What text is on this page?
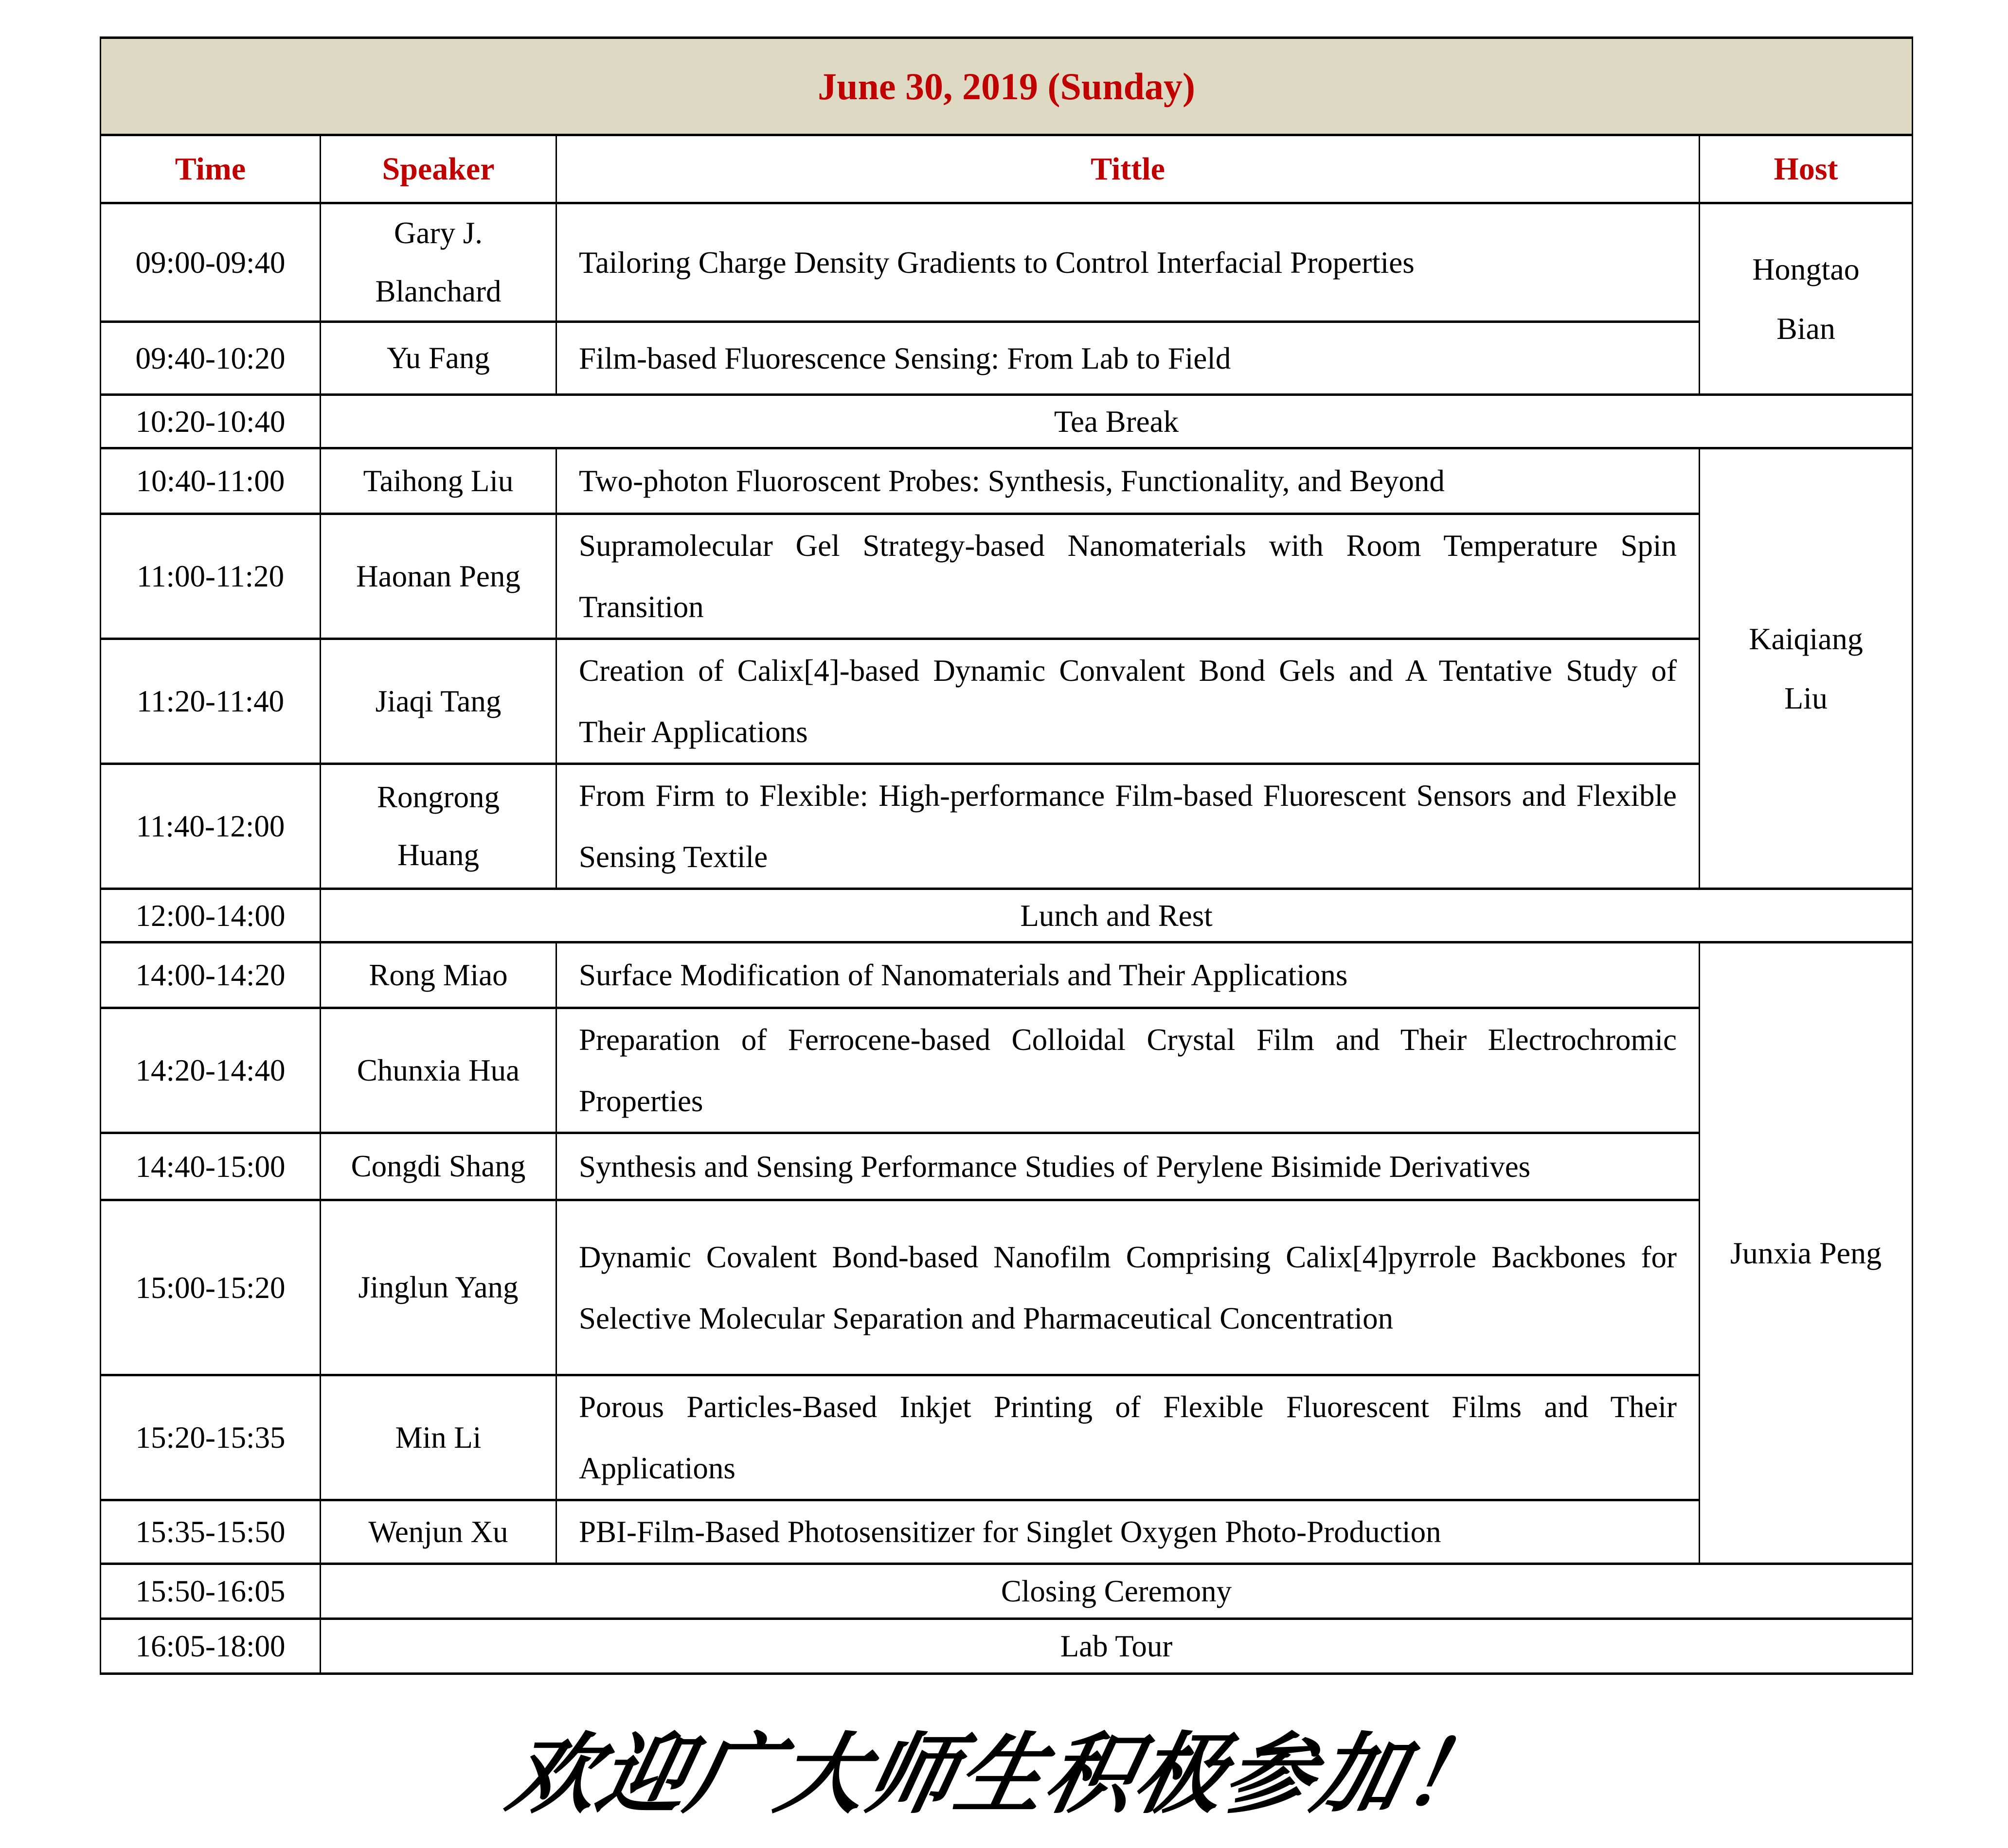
June 30, 2019 (Sunday)			
Time	Speaker	Tittle	Host
09:00-09:40	Gary J. Blanchard	Tailoring Charge Density Gradients to Control Interfacial Properties	Hongtao Bian
09:40-10:20	Yu Fang	Film-based Fluorescence Sensing: From Lab to Field	
10:20-10:40	Tea Break		
10:40-11:00	Taihong Liu	Two-photon Fluoroscent Probes: Synthesis, Functionality, and Beyond	Kaiqiang Liu
11:00-11:20	Haonan Peng	Supramolecular Gel Strategy-based Nanomaterials with Room Temperature Spin Transition	
11:20-11:40	Jiaqi Tang	Creation of Calix[4]-based Dynamic Convalent Bond Gels and A Tentative Study of Their Applications	
11:40-12:00	Rongrong Huang	From Firm to Flexible: High-performance Film-based Fluorescent Sensors and Flexible Sensing Textile	
12:00-14:00	Lunch and Rest		
14:00-14:20	Rong Miao	Surface Modification of Nanomaterials and Their Applications	Junxia Peng
14:20-14:40	Chunxia Hua	Preparation of Ferrocene-based Colloidal Crystal Film and Their Electrochromic Properties	
14:40-15:00	Congdi Shang	Synthesis and Sensing Performance Studies of Perylene Bisimide Derivatives	
15:00-15:20	Jinglun Yang	Dynamic Covalent Bond-based Nanofilm Comprising Calix[4]pyrrole Backbones for Selective Molecular Separation and Pharmaceutical Concentration	
15:20-15:35	Min Li	Porous Particles-Based Inkjet Printing of Flexible Fluorescent Films and Their Applications	
15:35-15:50	Wenjun Xu	PBI-Film-Based Photosensitizer for Singlet Oxygen Photo-Production	
15:50-16:05	Closing Ceremony		
16:05-18:00	Lab Tour		
欢迎广大师生积极参加！
